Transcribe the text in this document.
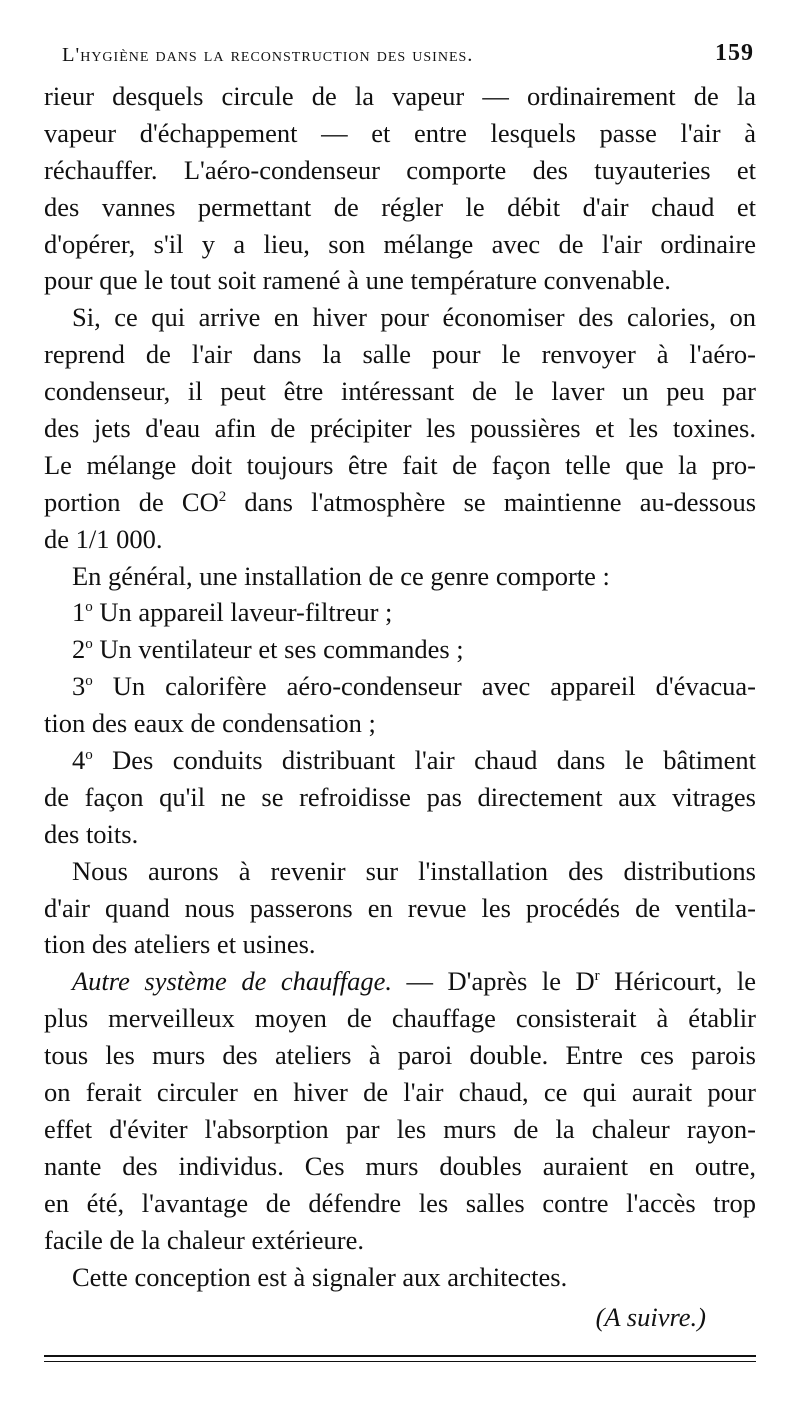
L'hygiène dans la reconstruction des usines.	159
rieur desquels circule de la vapeur — ordinairement de la
vapeur d'échappement — et entre lesquels passe l'air à
réchauffer. L'aéro-condenseur comporte des tuyauteries et
des vannes permettant de régler le débit d'air chaud et
d'opérer, s'il y a lieu, son mélange avec de l'air ordinaire
pour que le tout soit ramené à une température convenable.
Si, ce qui arrive en hiver pour économiser des calories, on
reprend de l'air dans la salle pour le renvoyer à l'aéro-
condenseur, il peut être intéressant de le laver un peu par
des jets d'eau afin de précipiter les poussières et les toxines.
Le mélange doit toujours être fait de façon telle que la pro-
portion de $CO^2$ dans l'atmosphère se maintienne au-dessous
de 1/1 000.
En général, une installation de ce genre comporte :
1$^o$ Un appareil laveur-filtreur ;
2$^o$ Un ventilateur et ses commandes ;
3$^o$ Un calorifère aéro-condenseur avec appareil d'évacua-
tion des eaux de condensation ;
4$^o$ Des conduits distribuant l'air chaud dans le bâtiment
de façon qu'il ne se refroidisse pas directement aux vitrages
des toits.
Nous aurons à revenir sur l'installation des distributions
d'air quand nous passerons en revue les procédés de ventila-
tion des ateliers et usines.
Autre système de chauffage. — D'après le $D^r$ Héricourt, le
plus merveilleux moyen de chauffage consisterait à établir
tous les murs des ateliers à paroi double. Entre ces parois
on ferait circuler en hiver de l'air chaud, ce qui aurait pour
effet d'éviter l'absorption par les murs de la chaleur rayon-
nante des individus. Ces murs doubles auraient en outre,
en été, l'avantage de défendre les salles contre l'accès trop
facile de la chaleur extérieure.
Cette conception est à signaler aux architectes.
(A suivre.)
